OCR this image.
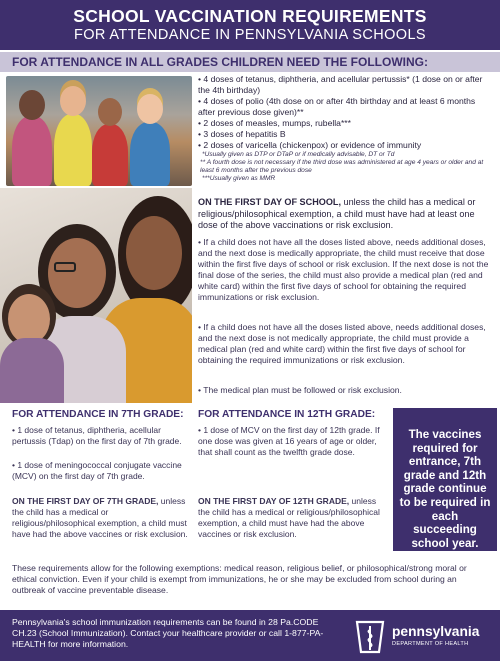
SCHOOL VACCINATION REQUIREMENTS
FOR ATTENDANCE IN PENNSYLVANIA SCHOOLS
FOR ATTENDANCE IN ALL GRADES CHILDREN NEED THE FOLLOWING:
• 4 doses of tetanus, diphtheria, and acellular pertussis* (1 dose on or after the 4th birthday)
• 4 doses of polio (4th dose on or after 4th birthday and at least 6 months after previous dose given)**
• 2 doses of measles, mumps, rubella***
• 3 doses of hepatitis B
• 2 doses of varicella (chickenpox) or evidence of immunity
*Usually given as DTP or DTaP or if medically advisable, DT or Td
** A fourth dose is not necessary if the third dose was administered at age 4 years or older and at least 6 months after the previous dose
***Usually given as MMR
ON THE FIRST DAY OF SCHOOL, unless the child has a medical or religious/philosophical exemption, a child must have had at least one dose of the above vaccinations or risk exclusion.
• If a child does not have all the doses listed above, needs additional doses, and the next dose is medically appropriate, the child must receive that dose within the first five days of school or risk exclusion. If the next dose is not the final dose of the series, the child must also provide a medical plan (red and white card) within the first five days of school for obtaining the required immunizations or risk exclusion.
• If a child does not have all the doses listed above, needs additional doses, and the next dose is not medically appropriate, the child must provide a medical plan (red and white card) within the first five days of school for obtaining the required immunizations or risk exclusion.
• The medical plan must be followed or risk exclusion.
FOR ATTENDANCE IN 7TH GRADE:
• 1 dose of tetanus, diphtheria, acellular pertussis (Tdap) on the first day of 7th grade.
• 1 dose of meningococcal conjugate vaccine (MCV) on the first day of 7th grade.
ON THE FIRST DAY OF 7TH GRADE, unless the child has a medical or religious/philosophical exemption, a child must have had the above vaccines or risk exclusion.
FOR ATTENDANCE IN 12TH GRADE:
• 1 dose of MCV on the first day of 12th grade. If one dose was given at 16 years of age or older, that shall count as the twelfth grade dose.
ON THE FIRST DAY OF 12TH GRADE, unless the child has a medical or religious/philosophical exemption, a child must have had the above vaccines or risk exclusion.
The vaccines required for entrance, 7th grade and 12th grade continue to be required in each succeeding school year.
These requirements allow for the following exemptions: medical reason, religious belief, or philosophical/strong moral or ethical conviction. Even if your child is exempt from immunizations, he or she may be excluded from school during an outbreak of vaccine preventable disease.
Pennsylvania's school immunization requirements can be found in 28 Pa.CODE CH.23 (School Immunization). Contact your healthcare provider or call 1-877-PA-HEALTH for more information.
pennsylvania
DEPARTMENT OF HEALTH
